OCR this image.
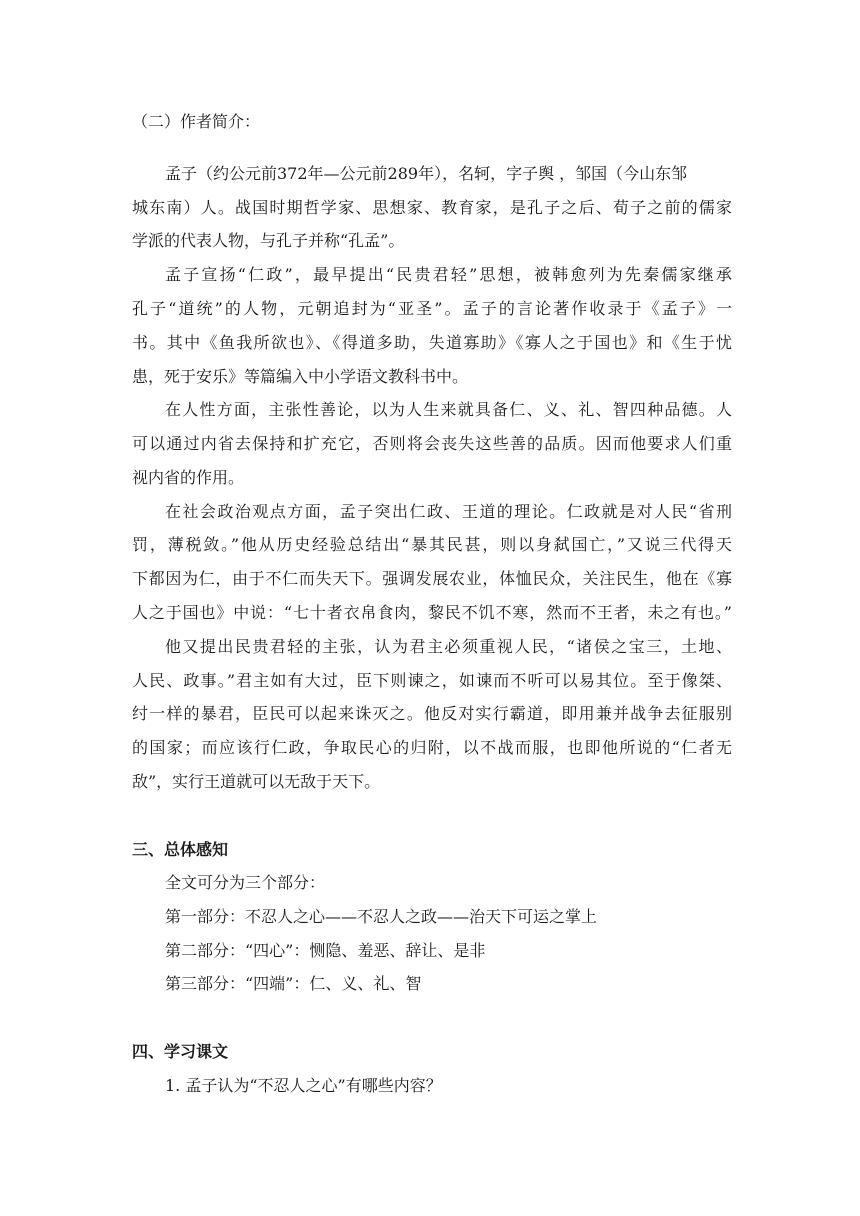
（二）作者简介：

孟子（约公元前372年—公元前289年），名轲，字子舆 ，邹国（今山东邹

城东南）人。战国时期哲学家、思想家、教育家，是孔子之后、荀子之前的儒家

学派的代表人物，与孔子并称“孔孟”。

孟子宣扬“仁政”，最早提出“民贵君轻”思想，被韩愈列为先秦儒家继承

孔子“道统”的人物，元朝追封为“亚圣”。孟子的言论著作收录于《孟子》一

书。其中《鱼我所欲也》、《得道多助，失道寡助》《寡人之于国也》和《生于忧

患，死于安乐》等篇编入中小学语文教科书中。

在人性方面，主张性善论，以为人生来就具备仁、义、礼、智四种品德。人

可以通过内省去保持和扩充它，否则将会丧失这些善的品质。因而他要求人们重

视内省的作用。

在社会政治观点方面，孟子突出仁政、王道的理论。仁政就是对人民“省刑

罚，薄税敛。”他从历史经验总结出“暴其民甚，则以身弑国亡，”又说三代得天

下都因为仁，由于不仁而失天下。强调发展农业，体恤民众，关注民生，他在《寡

人之于国也》中说：“七十者衣帛食肉，黎民不饥不寒，然而不王者，未之有也。”

他又提出民贵君轻的主张，认为君主必须重视人民，“诸侯之宝三，土地、

人民、政事。”君主如有大过，臣下则谏之，如谏而不听可以易其位。至于像桀、

纣一样的暴君，臣民可以起来诛灭之。他反对实行霸道，即用兼并战争去征服别

的国家；而应该行仁政，争取民心的归附，以不战而服，也即他所说的“仁者无

敌”，实行王道就可以无敌于天下。

三、总体感知

全文可分为三个部分：

第一部分：不忍人之心——不忍人之政——治天下可运之掌上

第二部分：“四心”：恻隐、羞恶、辞让、是非

第三部分：“四端”：仁、义、礼、智

四、学习课文

1. 孟子认为“不忍人之心”有哪些内容？
